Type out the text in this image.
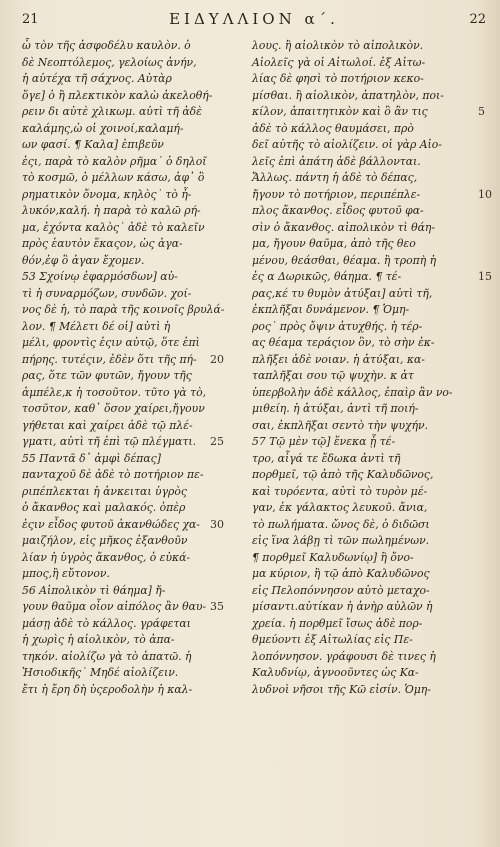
21	ΕΙΔΥΛΛΙΟΝ α΄.	22
ὧ τὸν τῆς ἀσφοδέλυ καυλὸν. ὁ
δὲ Νεοπτόλεμος, γελοίως ἀνήν,
ἡ αὐτέχα τῆ σάχνος. Αὐτὰρ
ὅγε] ὁ ἢ πλεκτικὸν καλὼ ἀκελοθή-
ρειν δι αὐτὲ χλικωμ. αὐτὶ τῆ ἀδὲ
καλάμης,ὡ οἱ χοινοί,καλαμή-
ων φασί. ¶ Καλα] ἐπιβεῦν
ἐςι, παρὰ τὸ καλὸν ρῆμα˙ ὁ δηλοῖ
τὸ κοσμῶ, ὁ μέλλων κάσω, ἀφ᾽ ὃ
ρηματικὸν ὄνομα, κηλὸς˙ τὸ ἦ-
λυκόν,καλή. ἡ παρὰ τὸ καλῶ ρή-
μα, ἐχόντα καλὸς˙ ἀδὲ τὸ καλεῖν
πρὸς ἑαυτὸν ἕκαςον, ὡς ἀγα-
θόν,ἐφ ὃ ἀγαν ἔχομεν.
53 Σχοίνῳ ἐφαρμόσδων] αὐ-
τὶ ἡ συναρμόζων, συνδῶν. χοί-
νος δὲ ἡ, τὸ παρὰ τῆς κοινοῖς βρυλά-
λον. ¶ Μέλετι δέ οἱ] αὐτὶ ἡ
μέλι, φροντὶς ἐςιν αὐτῷ, ὅτε ἐπὶ
πήρης. τυτέςιν, ἐδὲν ὅτι τῆς πή- 20
ρας, ὅτε τῶν φυτῶν, ἤγουν τῆς
ἀμπέλε,κ ἡ τοσοῦτον. τῦτο γὰ τὸ,
τοσῦτον, καθ᾽ ὅσον χαίρει,ἤγουν
γήθεται καὶ χαίρει ἀδὲ τῷ πλέ-
γματι, αὐτὶ τῆ ἐπὶ τῷ πλέγματι. 25
55 Παντᾶ δ᾽ ἀμφὶ δέπας]
πανταχοῦ δὲ ἀδὲ τὸ ποτήριον πε-
ριπέπλεκται ἡ ἀνκειται ὑγρὸς
ὁ ἄκανθος καὶ μαλακός. ὁπὲρ
ἐςιν εἶδος φυτοῦ ἀκανθώδες χα- 30
μαιζήλον, εἰς μῆκος ἐξανθοῦν
λίαν ἡ ὑγρὸς ἄκανθος, ὁ εὐκά-
μπος,ἢ εὔτονον.
56 Αἰπολικὸν τὶ θάημα] ἤ-
γουν θαῦμα οἷον αἰπόλος ἂν θαυ- 35
μάσῃ ἀδὲ τὸ κάλλος. γράφεται
ἡ χωρὶς ἡ αἰολικὸν, τὸ ἀπα-
τηκόν. αἰολίζω γὰ τὸ ἀπατῶ. ἡ
Ἡσιοδικῆς˙ Μηδέ αἰολίζειν.
ἔτι ἡ ἔρη δὴ ὑςεροδολὴν ἡ καλ-
λους. ἢ αἰολικὸν τὸ αἰπολικὸν.
Αἰολεῖς γὰ οἱ Αἰτωλοί. ἐξ Αἰτω-
λίας δὲ φησὶ τὸ ποτήριον κεκο-
μίσθαι. ἢ αἰολικὸν, ἀπατηλὸν, ποι-
κίλον, ἀπαιτητικὸν καὶ ὃ ἂν τις	5
ἀδὲ τὸ κάλλος θαυμάσει, πρὸ
δεῖ αὐτῆς τὸ αἰολίζειν. οἱ γὰρ Αἰο-
λεῖς ἐπὶ ἀπάτη ἀδὲ βάλλονται.
Ἄλλως. πάντη ἡ ἀδὲ τὸ δέπας,
ἤγουν τὸ ποτήριον, περιπέπλε-	10
πλος ἄκανθος. εἶδος φυτοῦ φα-
σὶν ὁ ἄκανθος. αἰπολικὸν τὶ θάη-
μα, ἤγουν θαῦμα, ἀπὸ τῆς θεο
μένου, θεάσθαι, θέαμα. ἢ τροπὴ ἡ
ἐς α Δωρικῶς, θάημα. ¶ τέ-	15
ρας,κέ τυ θυμὸν ἀτύξαι] αὐτὶ τῆ,
ἐκπλῆξαι δυνάμενον. ¶ Ὁμη-
ρος˙ πρὸς ὄψιν ἀτυχθής. ἡ τέρ-
ας θέαμα τεράςιον ὃν, τὸ σὴν ἐκ-
πλῆξει ἀδὲ νοιαν. ἡ ἀτύξαι, κα-
ταπλῆξαι σου τῷ ψυχὴν. κ ἀτ
ὑπερβολὴν ἀδὲ κάλλος, ἐπαὶρ ἂν νο-
μιθείη. ἡ ἀτύξαι, ἀντὶ τῆ ποιή-
σαι, ἐκπλῆξαι σεντὸ τὴν ψυχήν.
57 Τῷ μὲν τῷ] ἕνεκα ᾗ τέ-
τρο, αἶγά τε ἔδωκα ἀντὶ τῆ
πορθμεῖ, τῷ ἀπὸ τῆς Καλυδῶνος,
καὶ τυρόεντα, αὐτὶ τὸ τυρὸν μέ-
γαν, ἐκ γάλακτος λευκοῦ. ἄνια,
τὸ πωλήματα. ὤνος δὲ, ὁ διδῶσι
εἰς ἵνα λάβῃ τὶ τῶν πωλημένων.
¶ πορθμεῖ Καλυδωνίῳ] ἢ ὄνο-
μα κύριον, ἢ τῷ ἀπὸ Καλυδῶνος
εἰς Πελοπόννησον αὐτὸ μεταχο-
μίσαντι.αὐτίκαν ἡ ἀνὴρ αὐλῶν ἡ
χρεία. ἡ πορθμεῖ ἴσως ἀδὲ πορ-
θμεύοντι ἐξ Αἰτωλίας εἰς Πε-
λοπόννησον. γράφουσι δὲ τινες ἡ
Καλυδνίῳ, ἀγνοοῦντες ὡς Κα-
λυδνοὶ νῆσοι τῆς Κῶ εἰσίν. Ὁμη-
